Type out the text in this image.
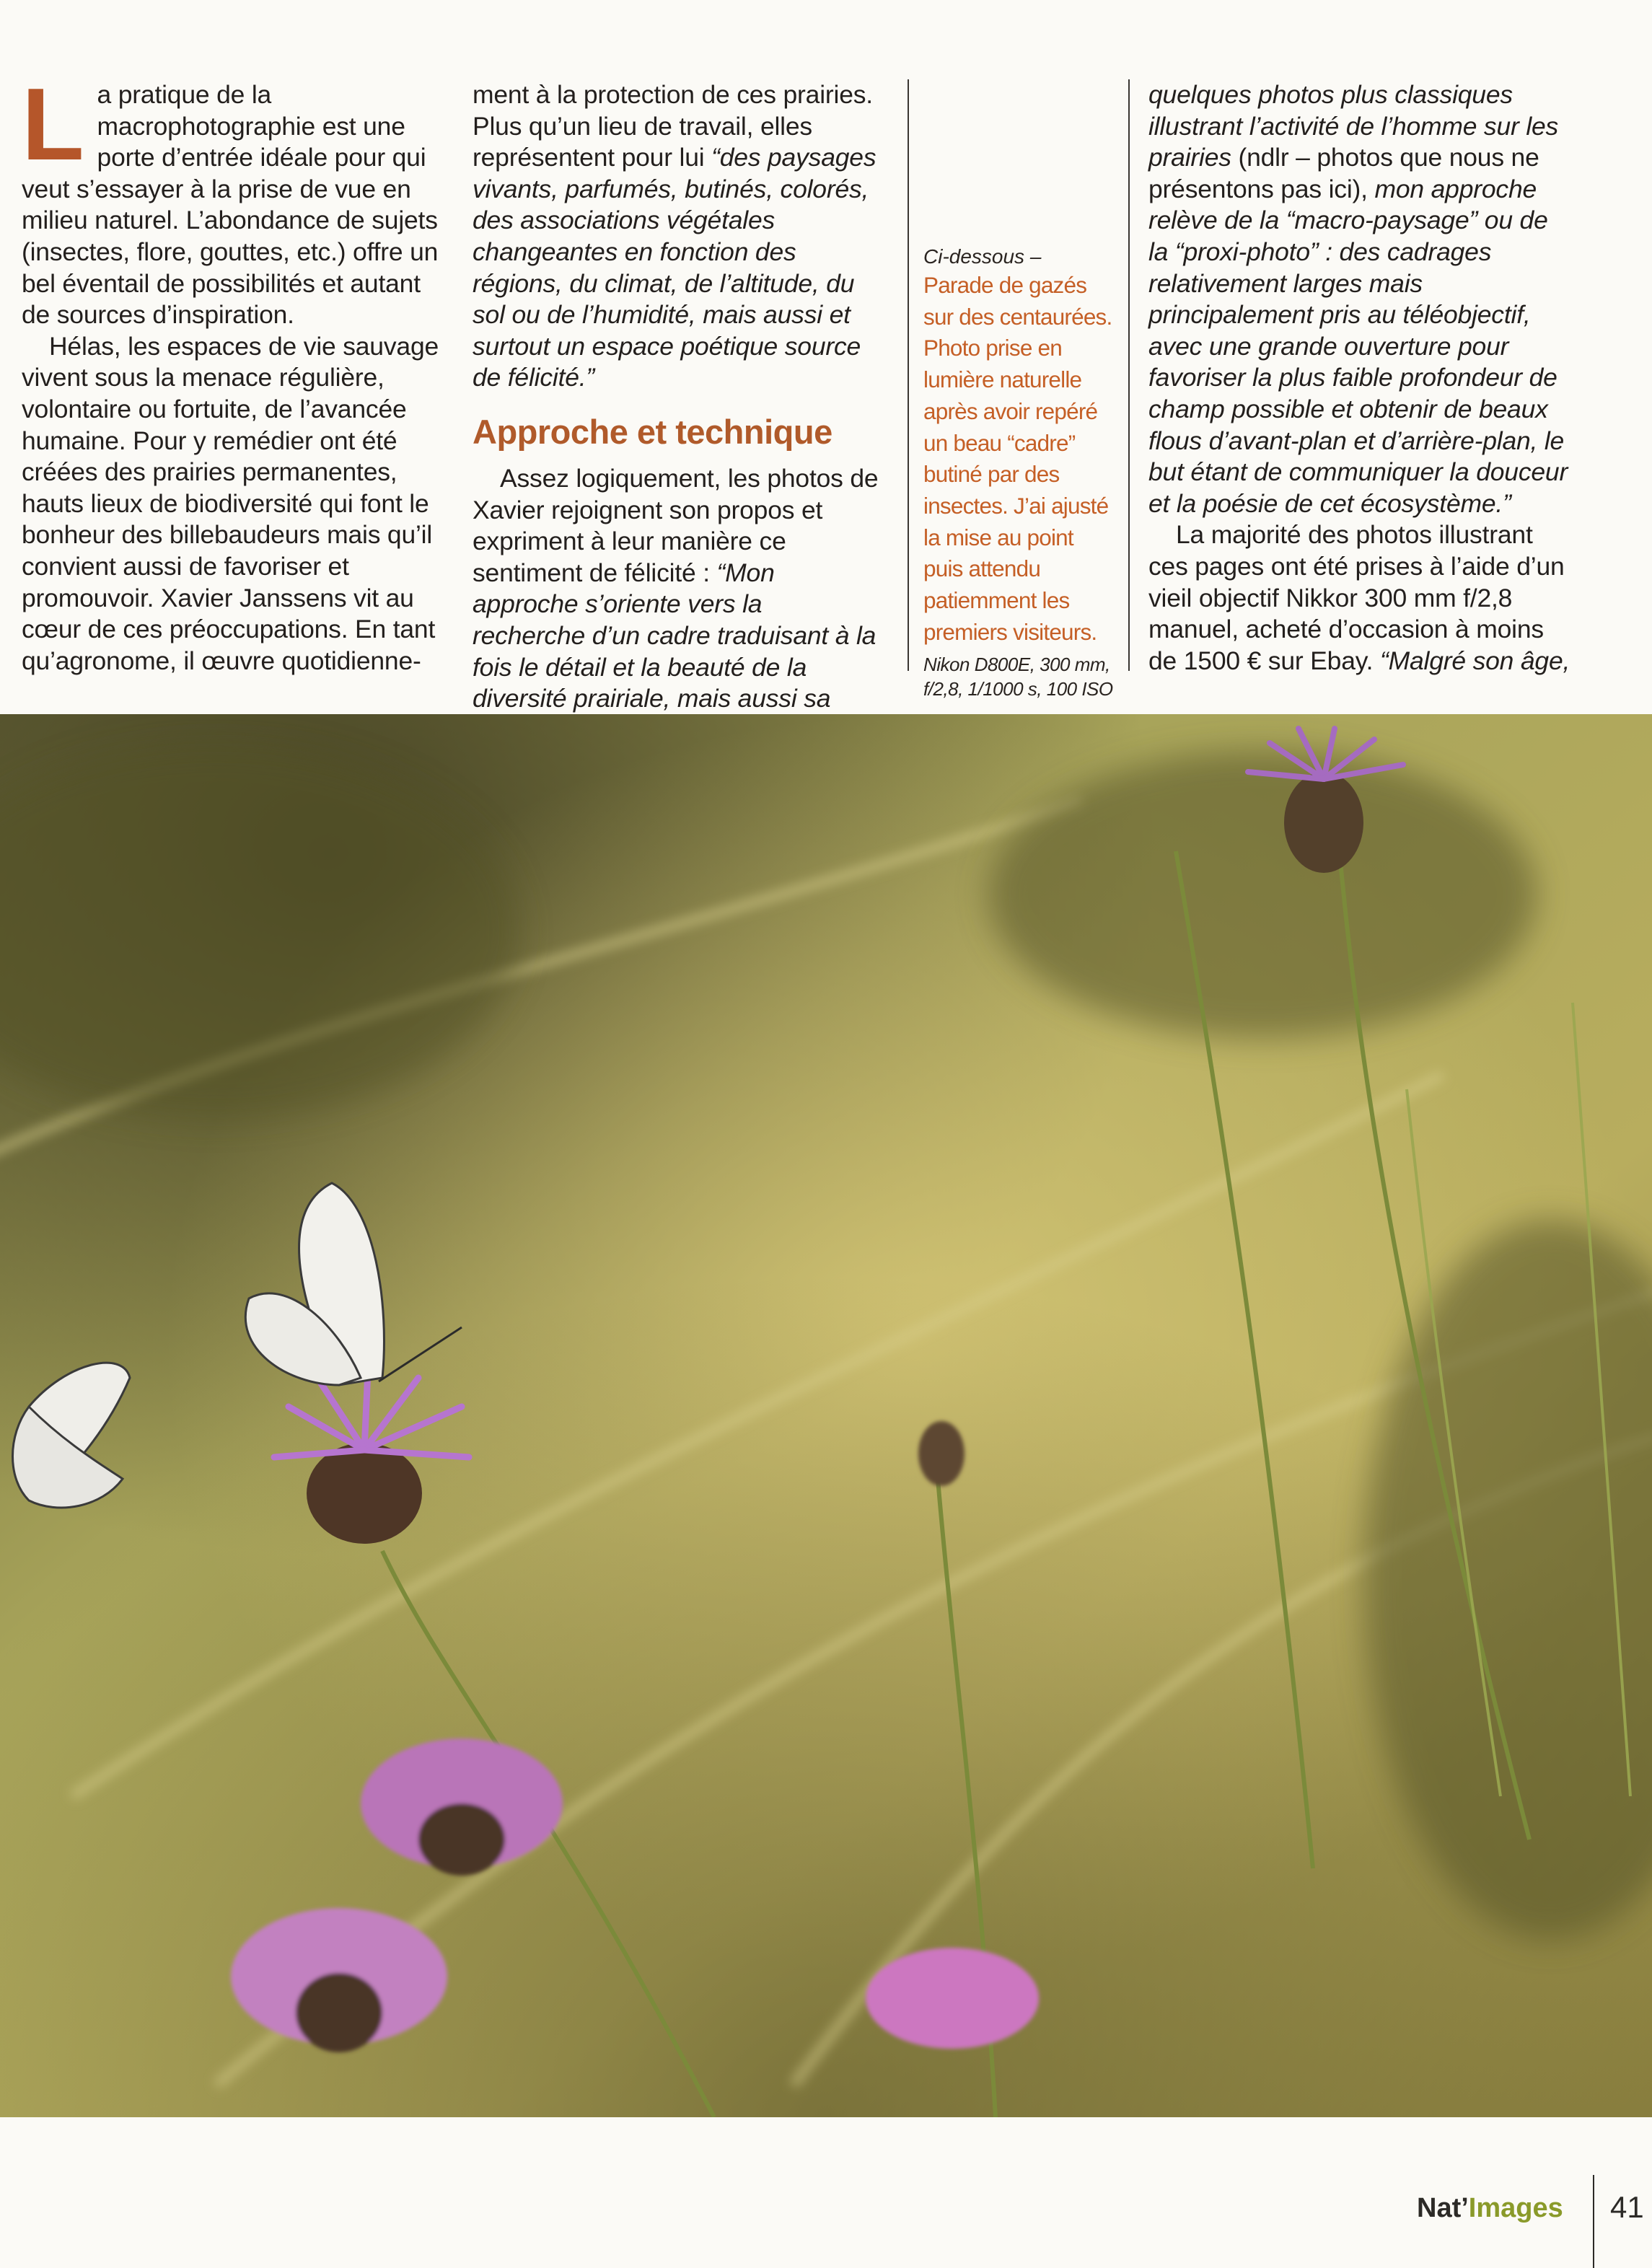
L a pratique de la macrophotographie est une porte d’entrée idéale pour qui veut s’essayer à la prise de vue en milieu naturel. L’abondance de sujets (insectes, flore, gouttes, etc.) offre un bel éventail de possibilités et autant de sources d’inspiration.

Hélas, les espaces de vie sauvage vivent sous la menace régulière, volontaire ou fortuite, de l’avancée humaine. Pour y remédier ont été créées des prairies permanentes, hauts lieux de biodiversité qui font le bonheur des billebaudeurs mais qu’il convient aussi de favoriser et promouvoir. Xavier Janssens vit au cœur de ces préoccupations. En tant qu’agronome, il œuvre quotidienne-

ment à la protection de ces prairies. Plus qu’un lieu de travail, elles représentent pour lui “des paysages vivants, parfumés, butinés, colorés, des associations végétales changeantes en fonction des régions, du climat, de l’altitude, du sol ou de l’humidité, mais aussi et surtout un espace poétique source de félicité.”

Approche et technique

Assez logiquement, les photos de Xavier rejoignent son propos et expriment à leur manière ce sentiment de félicité : “Mon approche s’oriente vers la recherche d’un cadre traduisant à la fois le détail et la beauté de la diversité prairiale, mais aussi sa

Ci-dessous –
Parade de gazés sur des centaurées. Photo prise en lumière naturelle après avoir repéré un beau “cadre” butiné par des insectes. J’ai ajusté la mise au point puis attendu patiemment les premiers visiteurs.
Nikon D800E, 300 mm, f/2,8, 1/1000 s, 100 ISO

quelques photos plus classiques illustrant l’activité de l’homme sur les prairies (ndlr – photos que nous ne présentons pas ici), mon approche relève de la “macro-paysage” ou de la “proxi-photo” : des cadrages relativement larges mais principalement pris au téléobjectif, avec une grande ouverture pour favoriser la plus faible profondeur de champ possible et obtenir de beaux flous d’avant-plan et d’arrière-plan, le but étant de communiquer la douceur et la poésie de cet écosystème.”

La majorité des photos illustrant ces pages ont été prises à l’aide d’un vieil objectif Nikkor 300 mm f/2,8 manuel, acheté d’occasion à moins de 1500 € sur Ebay. “Malgré son âge,

Nat’Images 41
